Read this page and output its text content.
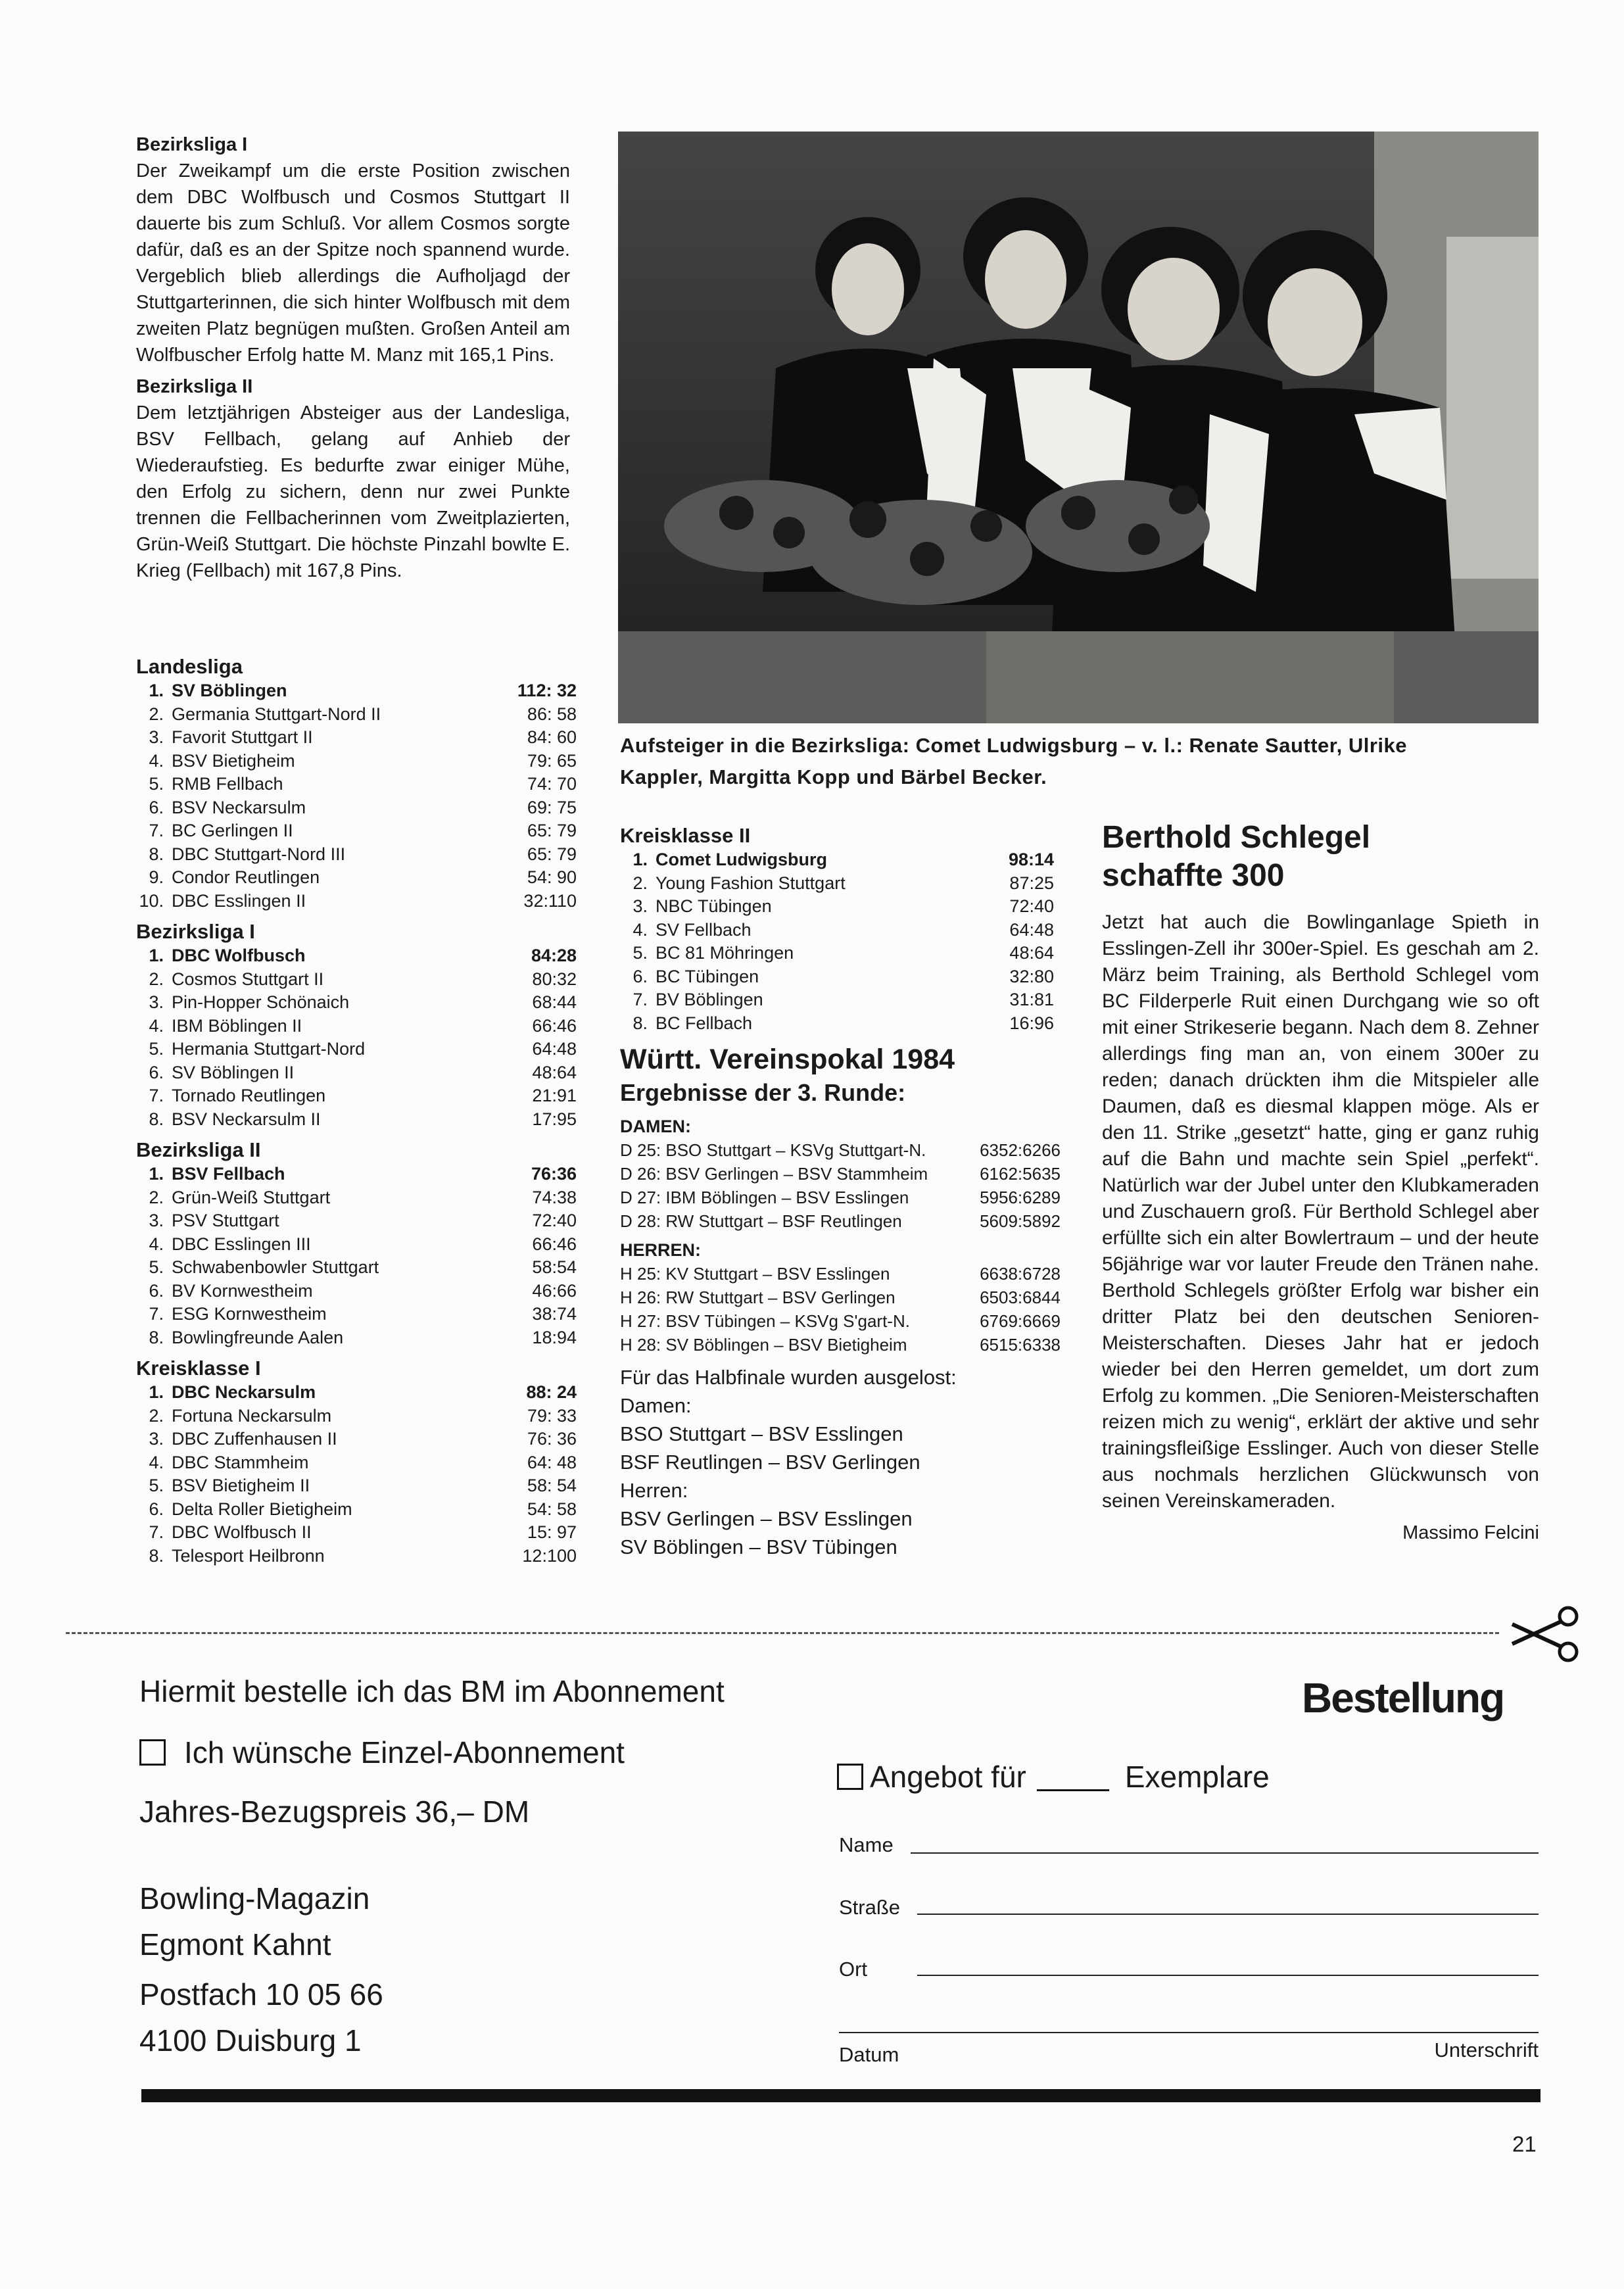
Bezirksliga I

Der Zweikampf um die erste Position zwischen dem DBC Wolfbusch und Cosmos Stuttgart II dauerte bis zum Schluß. Vor allem Cosmos sorgte dafür, daß es an der Spitze noch spannend wurde. Vergeblich blieb allerdings die Aufholjagd der Stuttgarterinnen, die sich hinter Wolfbusch mit dem zweiten Platz begnügen mußten. Großen Anteil am Wolfbuscher Erfolg hatte M. Manz mit 165,1 Pins.

Bezirksliga II

Dem letztjährigen Absteiger aus der Landesliga, BSV Fellbach, gelang auf Anhieb der Wiederaufstieg. Es bedurfte zwar einiger Mühe, den Erfolg zu sichern, denn nur zwei Punkte trennen die Fellbacherinnen vom Zweitplazierten, Grün-Weiß Stuttgart. Die höchste Pinzahl bowlte E. Krieg (Fellbach) mit 167,8 Pins.

Landesliga
1. SV Böblingen	112: 32
2. Germania Stuttgart-Nord II	86: 58
3. Favorit Stuttgart II	84: 60
4. BSV Bietigheim	79: 65
5. RMB Fellbach	74: 70
6. BSV Neckarsulm	69: 75
7. BC Gerlingen II	65: 79
8. DBC Stuttgart-Nord III	65: 79
9. Condor Reutlingen	54: 90
10. DBC Esslingen II	32:110
Bezirksliga I
1. DBC Wolfbusch	84:28
2. Cosmos Stuttgart II	80:32
3. Pin-Hopper Schönaich	68:44
4. IBM Böblingen II	66:46
5. Hermania Stuttgart-Nord	64:48
6. SV Böblingen II	48:64
7. Tornado Reutlingen	21:91
8. BSV Neckarsulm II	17:95
Bezirksliga II
1. BSV Fellbach	76:36
2. Grün-Weiß Stuttgart	74:38
3. PSV Stuttgart	72:40
4. DBC Esslingen III	66:46
5. Schwabenbowler Stuttgart	58:54
6. BV Kornwestheim	46:66
7. ESG Kornwestheim	38:74
8. Bowlingfreunde Aalen	18:94
Kreisklasse I
1. DBC Neckarsulm	88: 24
2. Fortuna Neckarsulm	79: 33
3. DBC Zuffenhausen II	76: 36
4. DBC Stammheim	64: 48
5. BSV Bietigheim II	58: 54
6. Delta Roller Bietigheim	54: 58
7. DBC Wolfbusch II	15: 97
8. Telesport Heilbronn	12:100
Aufsteiger in die Bezirksliga: Comet Ludwigsburg – v. l.: Renate Sautter, Ulrike Kappler, Margitta Kopp und Bärbel Becker.
Kreisklasse II
1. Comet Ludwigsburg	98:14
2. Young Fashion Stuttgart	87:25
3. NBC Tübingen	72:40
4. SV Fellbach	64:48
5. BC 81 Möhringen	48:64
6. BC Tübingen	32:80
7. BV Böblingen	31:81
8. BC Fellbach	16:96
Württ. Vereinspokal 1984
Ergebnisse der 3. Runde:
DAMEN:
D 25: BSO Stuttgart – KSVg Stuttgart-N.	6352:6266
D 26: BSV Gerlingen – BSV Stammheim	6162:5635
D 27: IBM Böblingen – BSV Esslingen	5956:6289
D 28: RW Stuttgart – BSF Reutlingen	5609:5892
HERREN:
H 25: KV Stuttgart – BSV Esslingen	6638:6728
H 26: RW Stuttgart – BSV Gerlingen	6503:6844
H 27: BSV Tübingen – KSVg S'gart-N.	6769:6669
H 28: SV Böblingen – BSV Bietigheim	6515:6338
Für das Halbfinale wurden ausgelost:
Damen:
BSO Stuttgart – BSV Esslingen
BSF Reutlingen – BSV Gerlingen
Herren:
BSV Gerlingen – BSV Esslingen
SV Böblingen – BSV Tübingen
Berthold Schlegel schaffte 300
Jetzt hat auch die Bowlinganlage Spieth in Esslingen-Zell ihr 300er-Spiel. Es geschah am 2. März beim Training, als Berthold Schlegel vom BC Filderperle Ruit einen Durchgang wie so oft mit einer Strikeserie begann. Nach dem 8. Zehner allerdings fing man an, von einem 300er zu reden; danach drückten ihm die Mitspieler alle Daumen, daß es diesmal klappen möge. Als er den 11. Strike „gesetzt“ hatte, ging er ganz ruhig auf die Bahn und machte sein Spiel „perfekt“. Natürlich war der Jubel unter den Klubkameraden und Zuschauern groß. Für Berthold Schlegel aber erfüllte sich ein alter Bowlertraum – und der heute 56jährige war vor lauter Freude den Tränen nahe. Berthold Schlegels größter Erfolg war bisher ein dritter Platz bei den deutschen Senioren-Meisterschaften. Dieses Jahr hat er jedoch wieder bei den Herren gemeldet, um dort zum Erfolg zu kommen. „Die Senioren-Meisterschaften reizen mich zu wenig“, erklärt der aktive und sehr trainingsfleißige Esslinger. Auch von dieser Stelle aus nochmals herzlichen Glückwunsch von seinen Vereinskameraden.
Massimo Felcini
Hiermit bestelle ich das BM im Abonnement
Ich wünsche Einzel-Abonnement
Jahres-Bezugspreis 36,– DM
Bowling-Magazin
Egmont Kahnt
Postfach 10 05 66
4100 Duisburg 1
Bestellung
Angebot für	Exemplare
Name
Straße
Ort
Datum	Unterschrift
21
